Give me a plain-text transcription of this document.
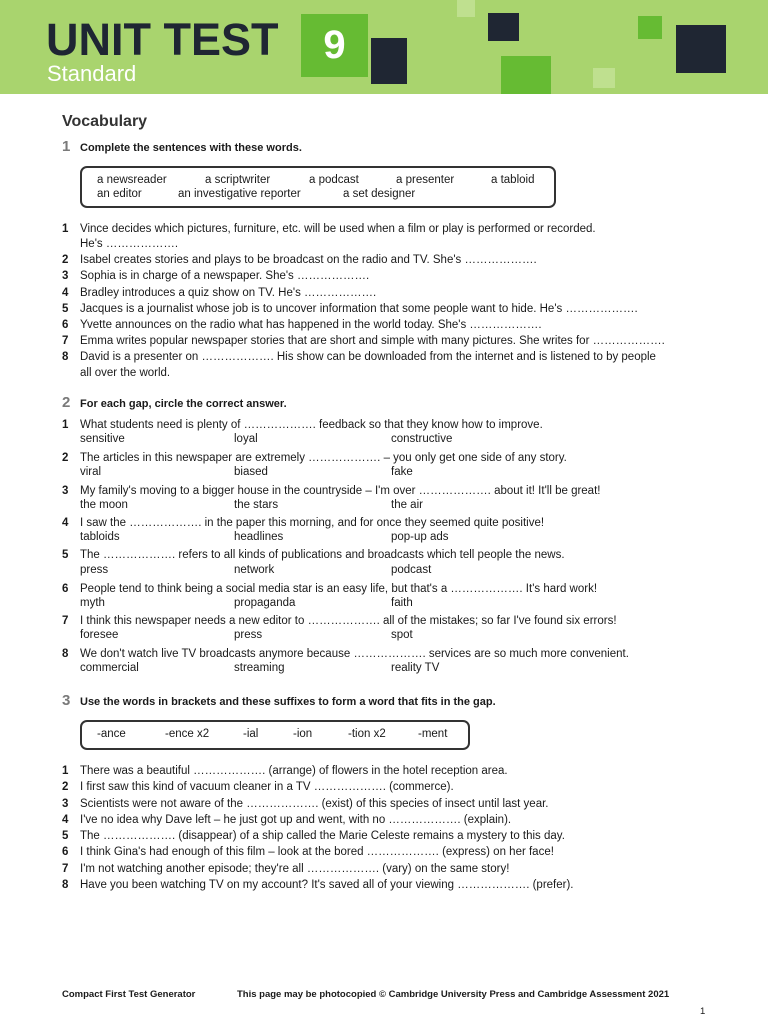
UNIT TEST
Standard
9
Vocabulary
1 Complete the sentences with these words.
a newsreader	a scriptwriter	a podcast	a presenter	a tabloid
an editor	an investigative reporter	a set designer
1 Vince decides which pictures, furniture, etc. will be used when a film or play is performed or recorded.
He's ……………….
2 Isabel creates stories and plays to be broadcast on the radio and TV. She's ……………….
3 Sophia is in charge of a newspaper. She's ……………….
4 Bradley introduces a quiz show on TV. He's ……………….
5 Jacques is a journalist whose job is to uncover information that some people want to hide. He's ……………….
6 Yvette announces on the radio what has happened in the world today. She's ……………….
7 Emma writes popular newspaper stories that are short and simple with many pictures. She writes for ……………….
8 David is a presenter on ………………. His show can be downloaded from the internet and is listened to by people
all over the world.
2 For each gap, circle the correct answer.
1 What students need is plenty of ………………. feedback so that they know how to improve.
sensitive	loyal	constructive
2 The articles in this newspaper are extremely ………………. – you only get one side of any story.
viral	biased	fake
3 My family's moving to a bigger house in the countryside – I'm over ………………. about it! It'll be great!
the moon	the stars	the air
4 I saw the ………………. in the paper this morning, and for once they seemed quite positive!
tabloids	headlines	pop-up ads
5 The ………………. refers to all kinds of publications and broadcasts which tell people the news.
press	network	podcast
6 People tend to think being a social media star is an easy life, but that's a ………………. It's hard work!
myth	propaganda	faith
7 I think this newspaper needs a new editor to ………………. all of the mistakes; so far I've found six errors!
foresee	press	spot
8 We don't watch live TV broadcasts anymore because ………………. services are so much more convenient.
commercial	streaming	reality TV
3 Use the words in brackets and these suffixes to form a word that fits in the gap.
-ance	-ence x2	-ial	-ion	-tion x2	-ment
1 There was a beautiful ………………. (arrange) of flowers in the hotel reception area.
2 I first saw this kind of vacuum cleaner in a TV ………………. (commerce).
3 Scientists were not aware of the ………………. (exist) of this species of insect until last year.
4 I've no idea why Dave left – he just got up and went, with no ………………. (explain).
5 The ………………. (disappear) of a ship called the Marie Celeste remains a mystery to this day.
6 I think Gina's had enough of this film – look at the bored ………………. (express) on her face!
7 I'm not watching another episode; they're all ………………. (vary) on the same story!
8 Have you been watching TV on my account? It's saved all of your viewing ………………. (prefer).
Compact First Test Generator	This page may be photocopied © Cambridge University Press and Cambridge Assessment 2021
1
